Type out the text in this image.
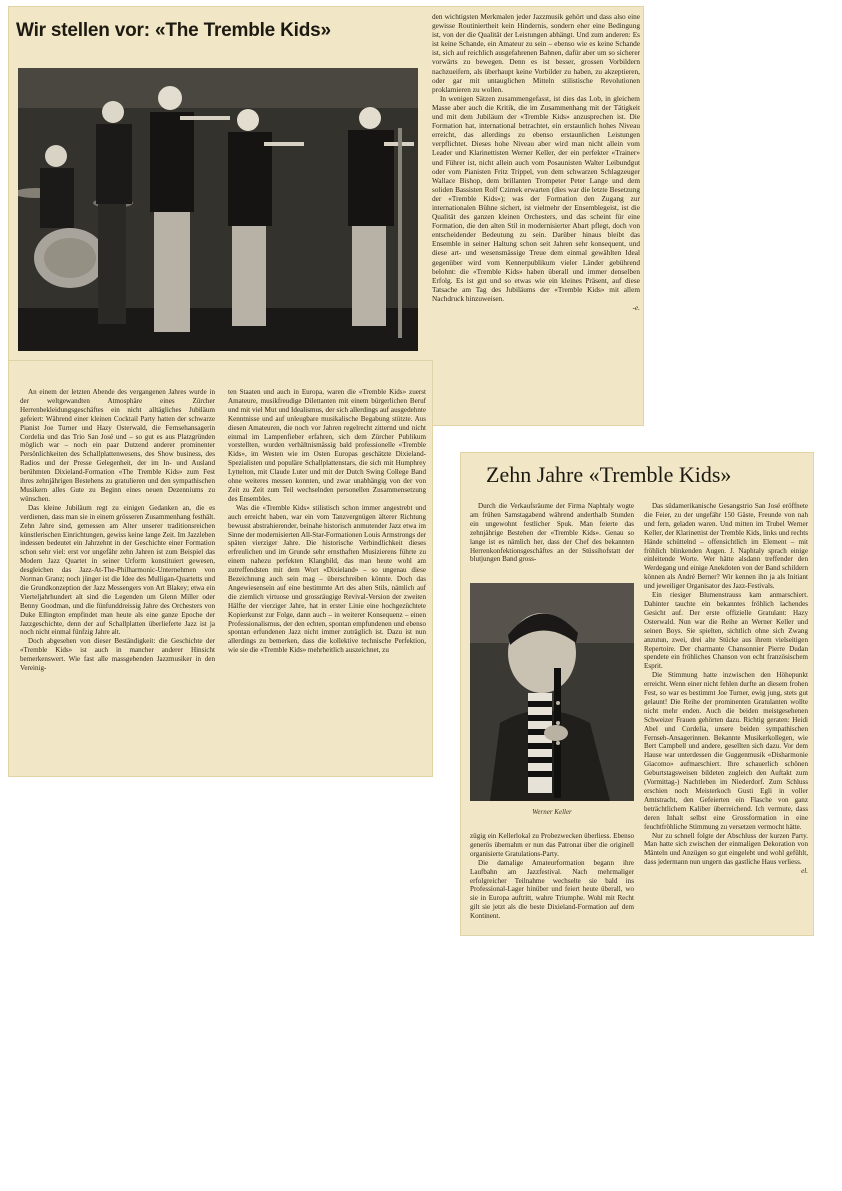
Wir stellen vor: «The Tremble Kids»

den wichtigsten Merkmalen jeder Jazzmusik gehört und dass also eine gewisse Routiniertheit kein Hindernis, sondern eher eine Bedingung ist, von der die Qualität der Leistungen abhängt. Und zum anderen: Es ist keine Schande, ein Amateur zu sein – ebenso wie es keine Schande ist, sich auf reichlich ausgefahrenen Bahnen, dafür aber um so sicherer vorwärts zu bewegen. Denn es ist besser, grossen Vorbildern nachzueifern, als überhaupt keine Vorbilder zu haben, zu akzeptieren, oder gar mit untauglichen Mitteln stilistische Revolutionen proklamieren zu wollen.

In wenigen Sätzen zusammengefasst, ist dies das Lob, in gleichem Masse aber auch die Kritik, die im Zusammenhang mit der Tätigkeit und mit dem Jubiläum der «Tremble Kids» anzusprechen ist. Die Formation hat, international betrachtet, ein erstaunlich hohes Niveau erreicht, das allerdings zu ebenso erstaunlichen Leistungen verpflichtet. Dieses hohe Niveau aber wird man nicht allein vom Leader und Klarinettisten Werner Keller, der ein perfekter «Trainer» und Führer ist, nicht allein auch vom Posaunisten Walter Leibundgut oder vom Pianisten Fritz Trippel, von dem schwarzen Schlagzeuger Wallace Bishop, dem brillanten Trompeter Peter Lange und dem soliden Bassisten Rolf Czimek erwarten (dies war die letzte Besetzung der «Tremble Kids»); was der Formation den Zugang zur internationalen Bühne sichert, ist vielmehr der Ensemblegeist, ist die Qualität des ganzen kleinen Orchesters, und das scheint für eine Formation, die den alten Stil in modernisierter Abart pflegt, doch von entscheidender Bedeutung zu sein. Darüber hinaus bleibt das Ensemble in seiner Haltung schon seit Jahren sehr konsequent, und diese art- und wesensmässige Treue dem einmal gewählten Ideal gegenüber wird vom Kennerpublikum vieler Länder gebührend belohnt: die «Tremble Kids» haben überall und immer denselben Erfolg. Es ist gut und so etwas wie ein kleines Präsent, auf diese Tatsache am Tag des Jubiläums der «Tremble Kids» mit allem Nachdruck hinzuweisen.

-e.

An einem der letzten Abende des vergangenen Jahres wurde in der weltgewandten Atmosphäre eines Zürcher Herrenbekleidungsgeschäftes ein nicht alltägliches Jubiläum gefeiert: Während einer kleinen Cocktail Party hatten der schwarze Pianist Joe Turner und Hazy Osterwald, die Fernsehansagerin Cordelia und das Trio San José und – so gut es aus Platzgründen möglich war – noch ein paar Dutzend anderer prominenter Persönlichkeiten des Schallplattenwesens, des Show business, des Radios und der Presse Gelegenheit, der im In- und Ausland berühmten Dixieland-Formation «The Tremble Kids» zum Fest ihres zehnjährigen Bestehens zu gratulieren und den sympathischen Musikern alles Gute zu Beginn eines neuen Dezenniums zu wünschen.

Das kleine Jubiläum regt zu einigen Gedanken an, die es verdienen, dass man sie in einem grösseren Zusammenhang festhält. Zehn Jahre sind, gemessen am Alter unserer traditionsreichen künstlerischen Einrichtungen, gewiss keine lange Zeit. Im Jazzleben indessen bedeutet ein Jahrzehnt in der Geschichte einer Formation schon sehr viel: erst vor ungefähr zehn Jahren ist zum Beispiel das Modern Jazz Quartet in seiner Urform konstituiert gewesen, desgleichen das Jazz-At-The-Philharmonic-Unternehmen von Norman Granz; noch jünger ist die Idee des Mulligan-Quartetts und die Grundkonzeption der Jazz Messengers von Art Blakey; etwa ein Vierteljahrhundert alt sind die Legenden um Glenn Miller oder Benny Goodman, und die fünfunddreissig Jahre des Orchesters von Duke Ellington empfindet man heute als eine ganze Epoche der Jazzgeschichte, denn der auf Schallplatten überlieferte Jazz ist ja noch nicht einmal fünfzig Jahre alt.

Doch abgesehen von dieser Beständigkeit: die Geschichte der «Tremble Kids» ist auch in mancher anderer Hinsicht bemerkenswert. Wie fast alle massgebenden Jazzmusiker in den Vereinig-

ten Staaten und auch in Europa, waren die «Tremble Kids» zuerst Amateure, musikfreudige Dilettanten mit einem bürgerlichen Beruf und mit viel Mut und Idealismus, der sich allerdings auf ausgedehnte Kenntnisse und auf unleugbare musikalische Begabung stützte. Aus diesen Amateuren, die noch vor Jahren regelrecht zitternd und nicht einmal im Lampenfieber erfahren, sich dem Zürcher Publikum vorstellten, wurden verhältnismässig bald professionelle «Tremble Kids», im Westen wie im Osten Europas geschätzte Dixieland-Spezialisten und populäre Schallplattenstars, die sich mit Humphrey Lyttelton, mit Claude Luter und mit der Dutch Swing College Band ohne weiteres messen konnten, und zwar unabhängig von der von Zeit zu Zeit zum Teil wechselnden personellen Zusammensetzung des Ensembles.

Was die «Tremble Kids» stilistisch schon immer angestrebt und auch erreicht haben, war ein vom Tanzvergnügen älterer Richtung bewusst abstrahierender, beinahe historisch anmutender Jazz etwa im Sinne der modernisierten All-Star-Formationen Louis Armstrongs der späten vierziger Jahre. Die historische Verbindlichkeit dieses erfreulichen und im Grunde sehr ernsthaften Musizierens führte zu einem nahezu perfekten Klangbild, das man heute wohl am zutreffendsten mit dem Wort «Dixieland» – so ungenau diese Bezeichnung auch sein mag – überschreiben könnte. Doch das Angewiesensein auf eine bestimmte Art des alten Stils, nämlich auf die ziemlich virtuose und grossräugige Revival-Version der zweiten Hälfte der vierziger Jahre, hat in erster Linie eine hochgezüchtete Kopierkunst zur Folge, dann auch – in weiterer Konsequenz – einen Professionalismus, der den echten, spontan empfundenen und ebenso spontan erfundenen Jazz nicht immer zuträglich ist. Dazu ist nun allerdings zu bemerken, dass die kollektive technische Perfektion, wie sie die «Tremble Kids» mehrheitlich auszeichnet, zu

Zehn Jahre «Tremble Kids»

Durch die Verkaufsräume der Firma Naphtaly wogte am frühen Samstagabend während anderthalb Stunden ein ungewohnt festlicher Spuk. Man feierte das zehnjährige Bestehen der «Tremble Kids». Genau so lange ist es nämlich her, dass der Chef des bekannten Herrenkonfektionsgeschäftes an der Stüssihofstatt der blutjungen Band gross-

Werner Keller

zügig ein Kellerlokal zu Probezwecken überliess. Ebenso generös übernahm er nun das Patronat über die originell organisierte Gratulations-Party.

Die damalige Amateurformation begann ihre Laufbahn am Jazzfestival. Nach mehrmaliger erfolgreicher Teilnahme wechselte sie bald ins Professional-Lager hinüber und feiert heute überall, wo sie in Europa auftritt, wahre Triumphe. Wohl mit Recht gilt sie jetzt als die beste Dixieland-Formation auf dem Kontinent.

Das südamerikanische Gesangstrio San José eröffnete die Feier, zu der ungefähr 150 Gäste, Freunde von nah und fern, geladen waren. Und mitten im Trubel Werner Keller, der Klarinettist der Tremble Kids, links und rechts Hände schüttelnd – offensichtlich im Element – mit fröhlich blinkenden Augen. J. Naphtaly sprach einige einleitende Worte. Wer hätte alsdann treffender den Werdegang und einige Anekdoten von der Band schildern können als André Berner? Wir kennen ihn ja als Initiant und jeweiliger Organisator des Jazz-Festivals.

Ein riesiger Blumenstrauss kam anmarschiert. Dahinter tauchte ein bekanntes fröhlich lachendes Gesicht auf. Der erste offizielle Gratulant: Hazy Osterwald. Nun war die Reihe an Werner Keller und seinen Boys. Sie spielten, sichtlich ohne sich Zwang anzutun, zwei, drei alte Stücke aus ihrem vielseitigen Repertoire. Der charmante Chansonnier Pierre Dudan spendete ein fröhliches Chanson von echt französischem Esprit.

Die Stimmung hatte inzwischen den Höhepunkt erreicht. Wenn einer nicht fehlen durfte an diesem frohen Fest, so war es bestimmt Joe Turner, ewig jung, stets gut gelaunt! Die Reihe der prominenten Gratulanten wollte nicht mehr enden. Auch die beiden meistgesehenen Schweizer Frauen gehörten dazu. Richtig geraten: Heidi Abel und Cordelia, unsere beiden sympathischen Fernseh-Ansagerinnen. Bekannte Musikerkollegen, wie Bert Campbell und andere, gesellten sich dazu. Vor dem Hause war unterdessen die Guggenmusik «Disharmonie Giacomo» aufmarschiert. Ihre schauerlich schönen Geburtstagsweisen bildeten zugleich den Auftakt zum (Vormittag-) Nachtleben im Niederdorf. Zum Schluss erschien noch Meisterkoch Gusti Egli in voller Amtstracht, den Gefeierten ein Flasche von ganz beträchtlichem Kaliber überreichend. Ich vermute, dass deren Inhalt selbst eine Grossformation in eine feuchtfröhliche Stimmung zu versetzen vermocht hätte.

Nur zu schnell folgte der Abschluss der kurzen Party. Man hatte sich zwischen der einmaligen Dekoration von Mänteln und Anzügen so gut eingelebt und wohl gefühlt, dass jedermann nun ungern das gastliche Haus verliess.

el.
